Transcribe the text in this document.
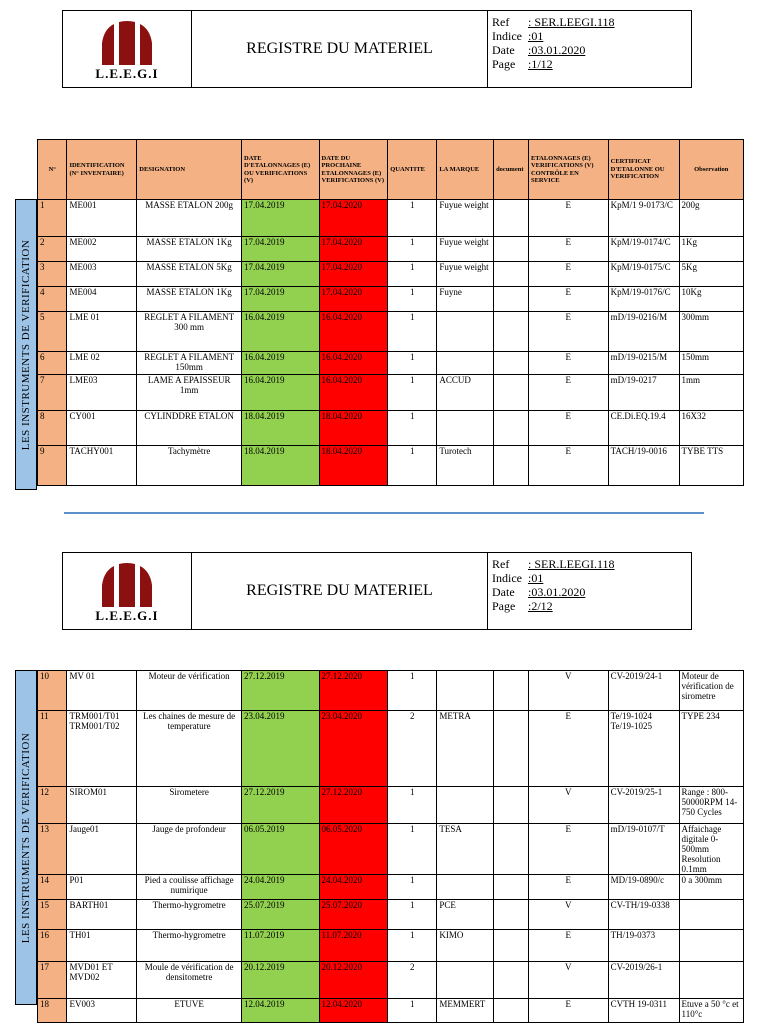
L.E.E.G.I
REGISTRE DU MATERIEL
Ref : SER.LEEGI.118
Indice :01
Date :03.01.2020
Page :1/12
LES INSTRUMENTS DE VERIFICATION
N°	IDENTIFICATION (N° INVENTAIRE)	DESIGNATION	DATE D'ETALONNAGES (E) OU VERIFICATIONS (V)	DATE DU PROCHAINE ETALONNAGES (E) VERIFICATIONS (V)	QUANTITE	LA MARQUE	document	ETALONNAGES (E) VERIFICATIONS (V) CONTRÔLE EN SERVICE	CERTIFICAT D'ETALONNE OU VERIFICATION	Observation
1	ME001	MASSE ETALON 200g	17.04.2019	17.04.2020	1	Fuyue weight		E	KpM/1 9-0173/C	200g
2	ME002	MASSE ETALON 1Kg	17.04.2019	17.04.2020	1	Fuyue weight		E	KpM/19-0174/C	1Kg
3	ME003	MASSE ETALON 5Kg	17.04.2019	17.04.2020	1	Fuyue weight		E	KpM/19-0175/C	5Kg
4	ME004	MASSE ETALON 1Kg	17.04.2019	17.04.2020	1	Fuyne		E	KpM/19-0176/C	10Kg
5	LME 01	REGLET A FILAMENT 300 mm	16.04.2019	16.04.2020	1			E	mD/19-0216/M	300mm
6	LME 02	REGLET A FILAMENT 150mm	16.04.2019	16.04.2020	1			E	mD/19-0215/M	150mm
7	LME03	LAME A EPAISSEUR 1mm	16.04.2019	16.04.2020	1	ACCUD		E	mD/19-0217	1mm
8	CY001	CYLINDDRE ETALON	18.04.2019	18.04.2020	1			E	CE.Di.EQ.19.4	16X32
9	TACHY001	Tachymètre	18.04.2019	18.04.2020	1	Turotech		E	TACH/19-0016	TYBE TTS
L.E.E.G.I
REGISTRE DU MATERIEL
Ref : SER.LEEGI.118
Indice :01
Date :03.01.2020
Page :2/12
LES INSTRUMENTS DE VERIFICATION
10	MV 01	Moteur de vérification	27.12.2019	27.12.2020	1			V	CV-2019/24-1	Moteur de vérification de sirometre
11	TRM001/T01 TRM001/T02	Les chaines de mesure de temperature	23.04.2019	23.04.2020	2	METRA		E	Te/19-1024 Te/19-1025	TYPE 234
12	SIROM01	Sirometere	27.12.2019	27.12.2020	1			V	CV-2019/25-1	Range : 800-50000RPM 14-750 Cycles
13	Jauge01	Jauge de profondeur	06.05.2019	06.05.2020	1	TESA		E	mD/19-0107/T	Affaichage digitale 0-500mm Resolution 0.1mm
14	P01	Pied a coulisse affichage numirique	24.04.2019	24.04.2020	1			E	MD/19-0890/c	0 a 300mm
15	BARTH01	Thermo-hygrometre	25.07.2019	25.07.2020	1	PCE		V	CV-TH/19-0338	
16	TH01	Thermo-hygrometre	11.07.2019	11.07.2020	1	KIMO		E	TH/19-0373	
17	MVD01 ET MVD02	Moule de vérification de densitometre	20.12.2019	20.12.2020	2			V	CV-2019/26-1	
18	EV003	ETUVE	12.04.2019	12.04.2020	1	MEMMERT		E	CVTH 19-0311	Etuve a 50 °c et 110°c
